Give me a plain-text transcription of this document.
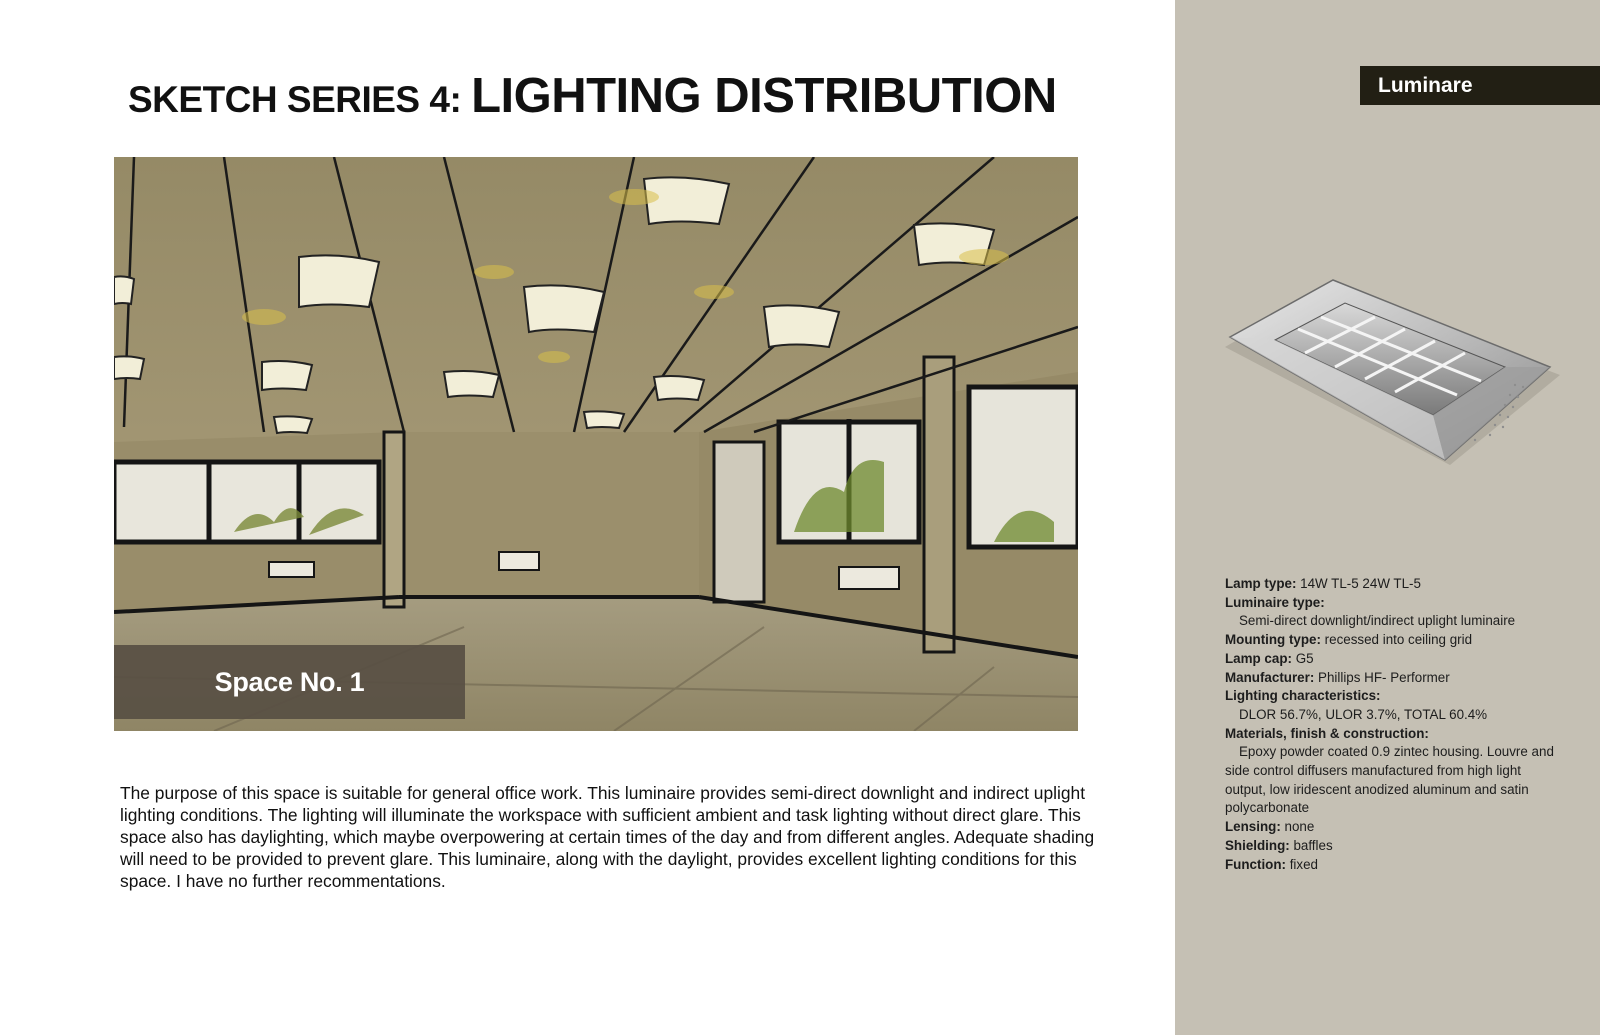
SKETCH SERIES 4: LIGHTING DISTRIBUTION
Space No. 1

The purpose of this space is suitable for general office work. This luminaire provides semi-direct downlight and indirect uplight lighting conditions. The lighting will illuminate the workspace with sufficient ambient and task lighting without direct glare. This space also has daylighting, which maybe overpowering at certain times of the day and from different angles. Adequate shading will need to be provided to prevent glare. This luminaire, along with the daylight, provides excellent lighting conditions for this space. I have no further recommentations.

Luminare

Lamp type: 14W TL-5 24W TL-5

Luminaire type:

Semi-direct downlight/indirect uplight luminaire

Mounting type: recessed into ceiling grid

Lamp cap: G5

Manufacturer: Phillips HF- Performer

Lighting characteristics:

DLOR 56.7%, ULOR 3.7%, TOTAL 60.4%

Materials, finish & construction:

Epoxy powder coated 0.9 zintec housing. Louvre and side control diffusers manufactured from high light output, low iridescent anodized aluminum and satin polycarbonate

Lensing: none

Shielding: baffles

Function: fixed
